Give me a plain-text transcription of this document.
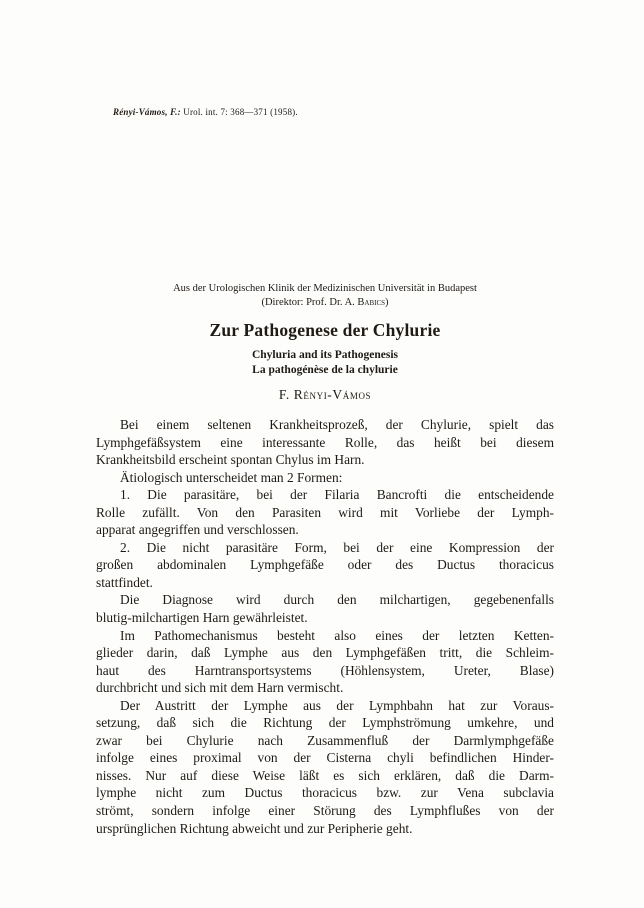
Rényi-Vámos, F.: Urol. int. 7: 368—371 (1958).
Aus der Urologischen Klinik der Medizinischen Universität in Budapest
(Direktor: Prof. Dr. A. Babics)
Zur Pathogenese der Chylurie
Chyluria and its Pathogenesis
La pathogénèse de la chylurie
F. Rényi-Vámos
Bei einem seltenen Krankheitsprozeß, der Chylurie, spielt das
Lymphgefäßsystem eine interessante Rolle, das heißt bei diesem
Krankheitsbild erscheint spontan Chylus im Harn.
Ätiologisch unterscheidet man 2 Formen:
1. Die parasitäre, bei der Filaria Bancrofti die entscheidende
Rolle zufällt. Von den Parasiten wird mit Vorliebe der Lymph-
apparat angegriffen und verschlossen.
2. Die nicht parasitäre Form, bei der eine Kompression der
großen abdominalen Lymphgefäße oder des Ductus thoracicus
stattfindet.
Die Diagnose wird durch den milchartigen, gegebenenfalls
blutig-milchartigen Harn gewährleistet.
Im Pathomechanismus besteht also eines der letzten Ketten-
glieder darin, daß Lymphe aus den Lymphgefäßen tritt, die Schleim-
haut des Harntransportsystems (Höhlensystem, Ureter, Blase)
durchbricht und sich mit dem Harn vermischt.
Der Austritt der Lymphe aus der Lymphbahn hat zur Voraus-
setzung, daß sich die Richtung der Lymphströmung umkehre, und
zwar bei Chylurie nach Zusammenfluß der Darmlymphgefäße
infolge eines proximal von der Cisterna chyli befindlichen Hinder-
nisses. Nur auf diese Weise läßt es sich erklären, daß die Darm-
lymphe nicht zum Ductus thoracicus bzw. zur Vena subclavia
strömt, sondern infolge einer Störung des Lymphflußes von der
ursprünglichen Richtung abweicht und zur Peripherie geht.
